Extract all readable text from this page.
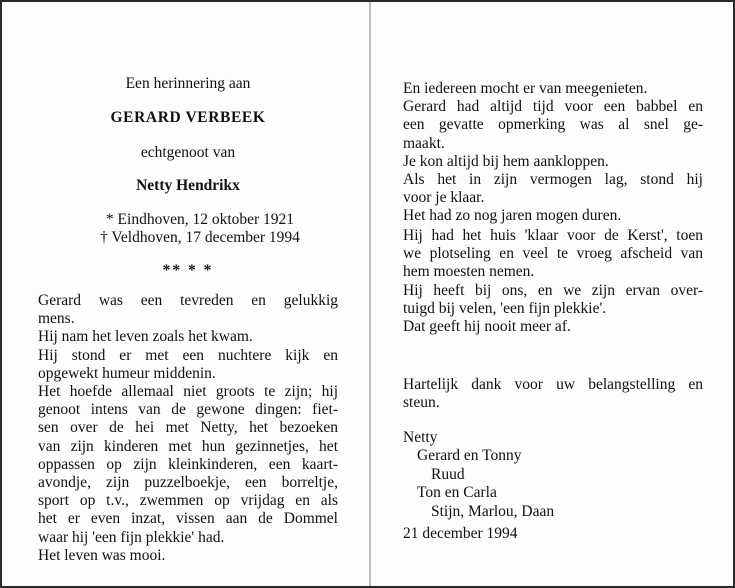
Een herinnering aan
GERARD VERBEEK
echtgenoot van
Netty Hendrikx
* Eindhoven, 12 oktober 1921
† Veldhoven, 17 december 1994
** * *
Gerard was een tevreden en gelukkig
mens.
Hij nam het leven zoals het kwam.
Hij stond er met een nuchtere kijk en
opgewekt humeur middenin.
Het hoefde allemaal niet groots te zijn; hij
genoot intens van de gewone dingen: fiet-
sen over de hei met Netty, het bezoeken
van zijn kinderen met hun gezinnetjes, het
oppassen op zijn kleinkinderen, een kaart-
avondje, zijn puzzelboekje, een borreltje,
sport op t.v., zwemmen op vrijdag en als
het er even inzat, vissen aan de Dommel
waar hij 'een fijn plekkie' had.
Het leven was mooi.
En iedereen mocht er van meegenieten.
Gerard had altijd tijd voor een babbel en
een gevatte opmerking was al snel ge-
maakt.
Je kon altijd bij hem aankloppen.
Als het in zijn vermogen lag, stond hij
voor je klaar.
Het had zo nog jaren mogen duren.
Hij had het huis 'klaar voor de Kerst', toen
we plotseling en veel te vroeg afscheid van
hem moesten nemen.
Hij heeft bij ons, en we zijn ervan over-
tuigd bij velen, 'een fijn plekkie'.
Dat geeft hij nooit meer af.
Hartelijk dank voor uw belangstelling en
steun.
Netty
Gerard en Tonny
Ruud
Ton en Carla
Stijn, Marlou, Daan
21 december 1994
